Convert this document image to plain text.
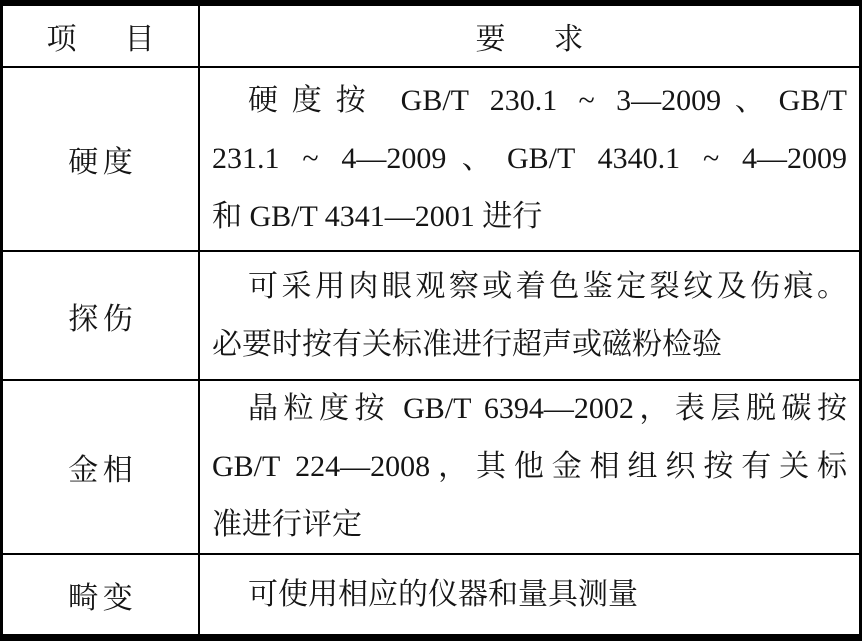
项　目	要　求
硬度
硬度按 GB/T 230.1 ~ 3—2009、GB/T
231.1 ~ 4—2009、GB/T 4340.1 ~ 4—2009
和 GB/T 4341—2001 进行
探伤
可采用肉眼观察或着色鉴定裂纹及伤痕。
必要时按有关标准进行超声或磁粉检验
金相
晶粒度按 GB/T 6394—2002，表层脱碳按
GB/T 224—2008，其他金相组织按有关标
准进行评定
畸变	可使用相应的仪器和量具测量
